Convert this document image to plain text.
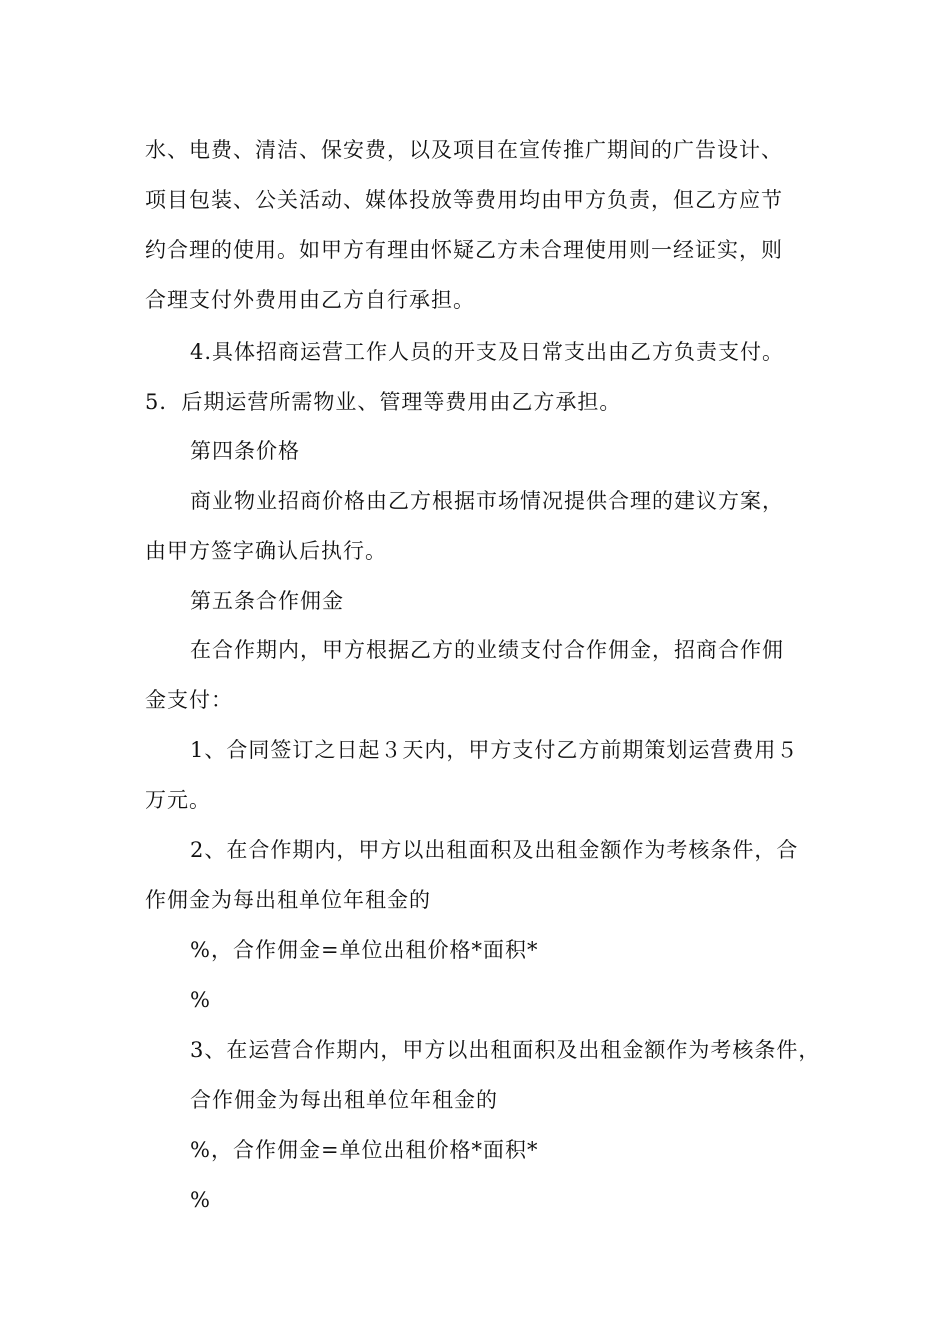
水、电费、清洁、保安费，以及项目在宣传推广期间的广告设计、
项目包装、公关活动、媒体投放等费用均由甲方负责，但乙方应节
约合理的使用。如甲方有理由怀疑乙方未合理使用则一经证实，则
合理支付外费用由乙方自行承担。
4.具体招商运营工作人员的开支及日常支出由乙方负责支付。
5．后期运营所需物业、管理等费用由乙方承担。
第四条价格
商业物业招商价格由乙方根据市场情况提供合理的建议方案，
由甲方签字确认后执行。
第五条合作佣金
在合作期内，甲方根据乙方的业绩支付合作佣金，招商合作佣
金支付：
1、合同签订之日起３天内，甲方支付乙方前期策划运营费用５
万元。
2、在合作期内，甲方以出租面积及出租金额作为考核条件，合
作佣金为每出租单位年租金的
%，合作佣金=单位出租价格*面积*
%
3、在运营合作期内，甲方以出租面积及出租金额作为考核条件，
合作佣金为每出租单位年租金的
%，合作佣金=单位出租价格*面积*
%
